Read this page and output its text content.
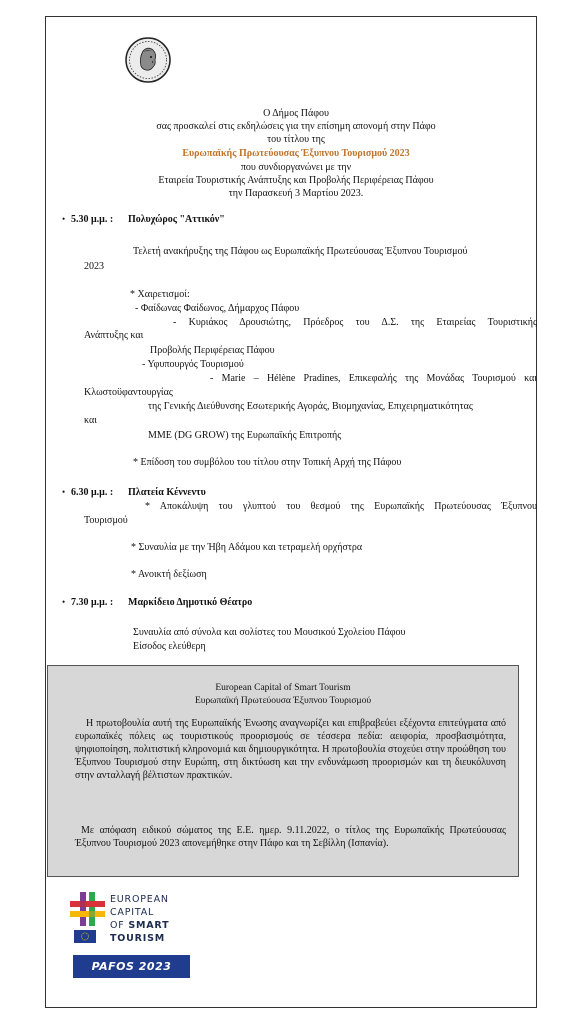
Ο Δήμος Πάφου
σας προσκαλεί στις εκδηλώσεις για την επίσημη απονομή στην Πάφο
του τίτλου της
Ευρωπαϊκής Πρωτεύουσας Έξυπνου Τουρισμού 2023
που συνδιοργανώνει με την
Εταιρεία Τουριστικής Ανάπτυξης και Προβολής Περιφέρειας Πάφου
την Παρασκευή 3 Μαρτίου 2023.
• 5.30 μ.μ. : Πολυχώρος "Αττικόν"
Τελετή ανακήρυξης της Πάφου ως Ευρωπαϊκής Πρωτεύουσας Έξυπνου Τουρισμού
2023
* Χαιρετισμοί:
- Φαίδωνας Φαίδωνος, Δήμαρχος Πάφου
- Κυριάκος Δρουσιώτης, Πρόεδρος του Δ.Σ. της Εταιρείας Τουριστικής
Ανάπτυξης και
Προβολής Περιφέρειας Πάφου
- Υφυπουργός Τουρισμού
- Marie – Hélène Pradines, Επικεφαλής της Μονάδας Τουρισμού και
Κλωστοϋφαντουργίας
της Γενικής Διεύθυνσης Εσωτερικής Αγοράς, Βιομηχανίας, Επιχειρηματικότητας
και
ΜΜΕ (DG GROW) της Ευρωπαϊκής Επιτροπής
* Επίδοση του συμβόλου του τίτλου στην Τοπική Αρχή της Πάφου
• 6.30 μ.μ. : Πλατεία Κέννεντυ
* Αποκάλυψη του γλυπτού του θεσμού της Ευρωπαϊκής Πρωτεύουσας Έξυπνου
Τουρισμού
* Συναυλία με την Ήβη Αδάμου και τετραμελή ορχήστρα
* Ανοικτή δεξίωση
• 7.30 μ.μ. : Μαρκίδειο Δημοτικό Θέατρο
Συναυλία από σύνολα και σολίστες του Μουσικού Σχολείου Πάφου
Είσοδος ελεύθερη
European Capital of Smart Tourism
Ευρωπαϊκή Πρωτεύουσα Έξυπνου Τουρισμού
Η πρωτοβουλία αυτή της Ευρωπαϊκής Ένωσης αναγνωρίζει και επιβραβεύει εξέχοντα επιτεύγματα από ευρωπαϊκές πόλεις ως τουριστικούς προορισμούς σε τέσσερα πεδία: αειφορία, προσβασιμότητα, ψηφιοποίηση, πολιτιστική κληρονομιά και δημιουργικότητα. Η πρωτοβουλία στοχεύει στην προώθηση του Έξυπνου Τουρισμού στην Ευρώπη, στη δικτύωση και την ενδυνάμωση προορισμών και τη διευκόλυνση στην ανταλλαγή βέλτιστων πρακτικών.
Με απόφαση ειδικού σώματος της Ε.Ε. ημερ. 9.11.2022, ο τίτλος της Ευρωπαϊκής Πρωτεύουσας Έξυπνου Τουρισμού 2023 απονεμήθηκε στην Πάφο και τη Σεβίλλη (Ισπανία).
EUROPEAN
CAPITAL
OF SMART
TOURISM
PAFOS 2023
